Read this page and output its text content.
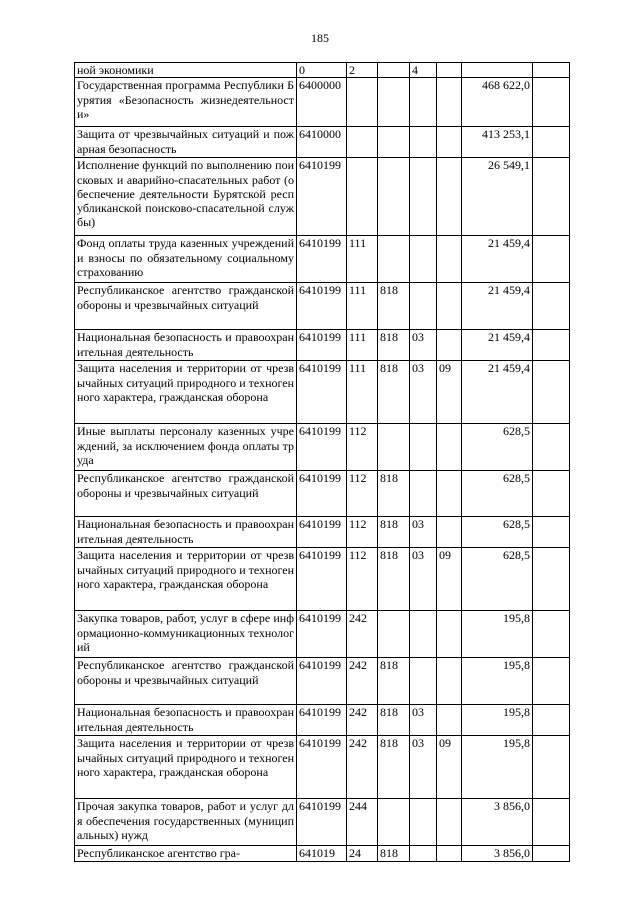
185
ной экономики	0	2		4			
Государственная программа Республики Бурятия «Безопасность жизнедеятельности»	6400000					468 622,0	
Защита от чрезвычайных ситуаций и пожарная безопасность	6410000					413 253,1	
Исполнение функций по выполнению поисковых и аварийно-спасательных работ (обеспечение деятельности Бурятской республиканской поисково-спасательной службы)	6410199					26 549,1	
Фонд оплаты труда казенных учреждений и взносы по обязательному социальному страхованию	6410199	111				21 459,4	
Республиканское агентство гражданской обороны и чрезвычайных ситуаций	6410199	111	818			21 459,4	
Национальная безопасность и правоохранительная деятельность	6410199	111	818	03		21 459,4	
Защита населения и территории от чрезвычайных ситуаций природного и техногенного характера, гражданская оборона	6410199	111	818	03	09	21 459,4	
Иные выплаты персоналу казенных учреждений, за исключением фонда оплаты труда	6410199	112				628,5	
Республиканское агентство гражданской обороны и чрезвычайных ситуаций	6410199	112	818			628,5	
Национальная безопасность и правоохранительная деятельность	6410199	112	818	03		628,5	
Защита населения и территории от чрезвычайных ситуаций природного и техногенного характера, гражданская оборона	6410199	112	818	03	09	628,5	
Закупка товаров, работ, услуг в сфере информационно-коммуникационных технологий	6410199	242				195,8	
Республиканское агентство гражданской обороны и чрезвычайных ситуаций	6410199	242	818			195,8	
Национальная безопасность и правоохранительная деятельность	6410199	242	818	03		195,8	
Защита населения и территории от чрезвычайных ситуаций природного и техногенного характера, гражданская оборона	6410199	242	818	03	09	195,8	
Прочая закупка товаров, работ и услуг для обеспечения государственных (муниципальных) нужд	6410199	244				3 856,0	
Республиканское агентство гра-	641019	24	818			3 856,0	
